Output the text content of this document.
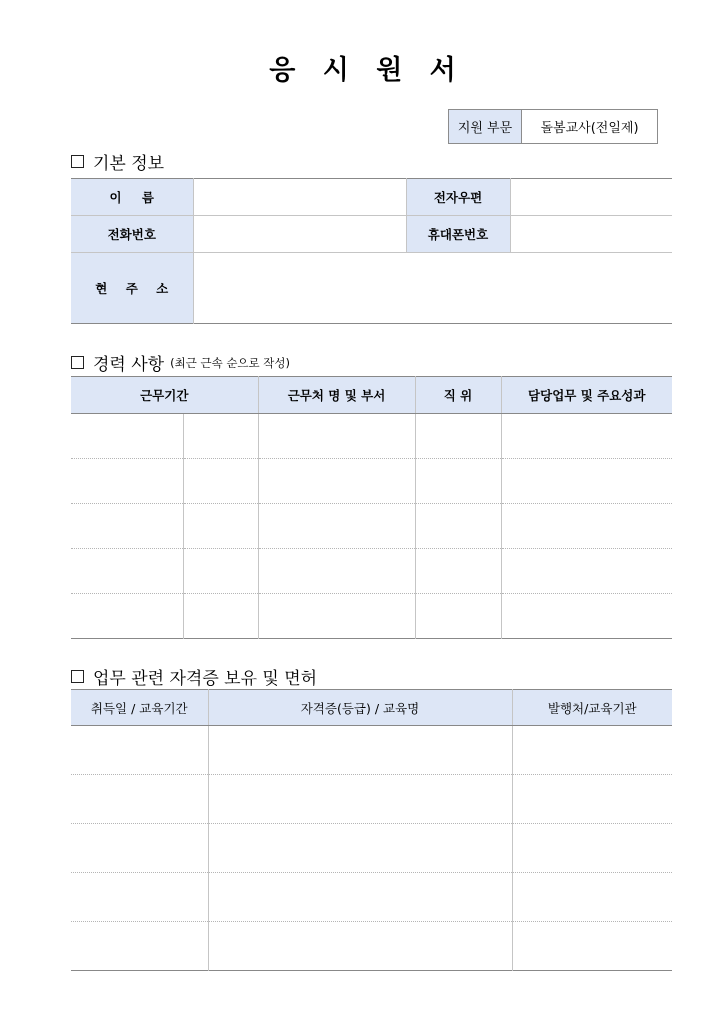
응 시 원 서
지원 부문	돌봄교사(전일제)
기본 정보
이 름		전자우편	
전화번호		휴대폰번호	
현 주 소			
경력 사항 (최근 근속 순으로 작성)
근무기간		근무처 명 및 부서	직 위	담당업무 및 주요성과

업무 관련 자격증 보유 및 면허
취득일 / 교육기간	자격증(등급) / 교육명	발행처/교육기관
